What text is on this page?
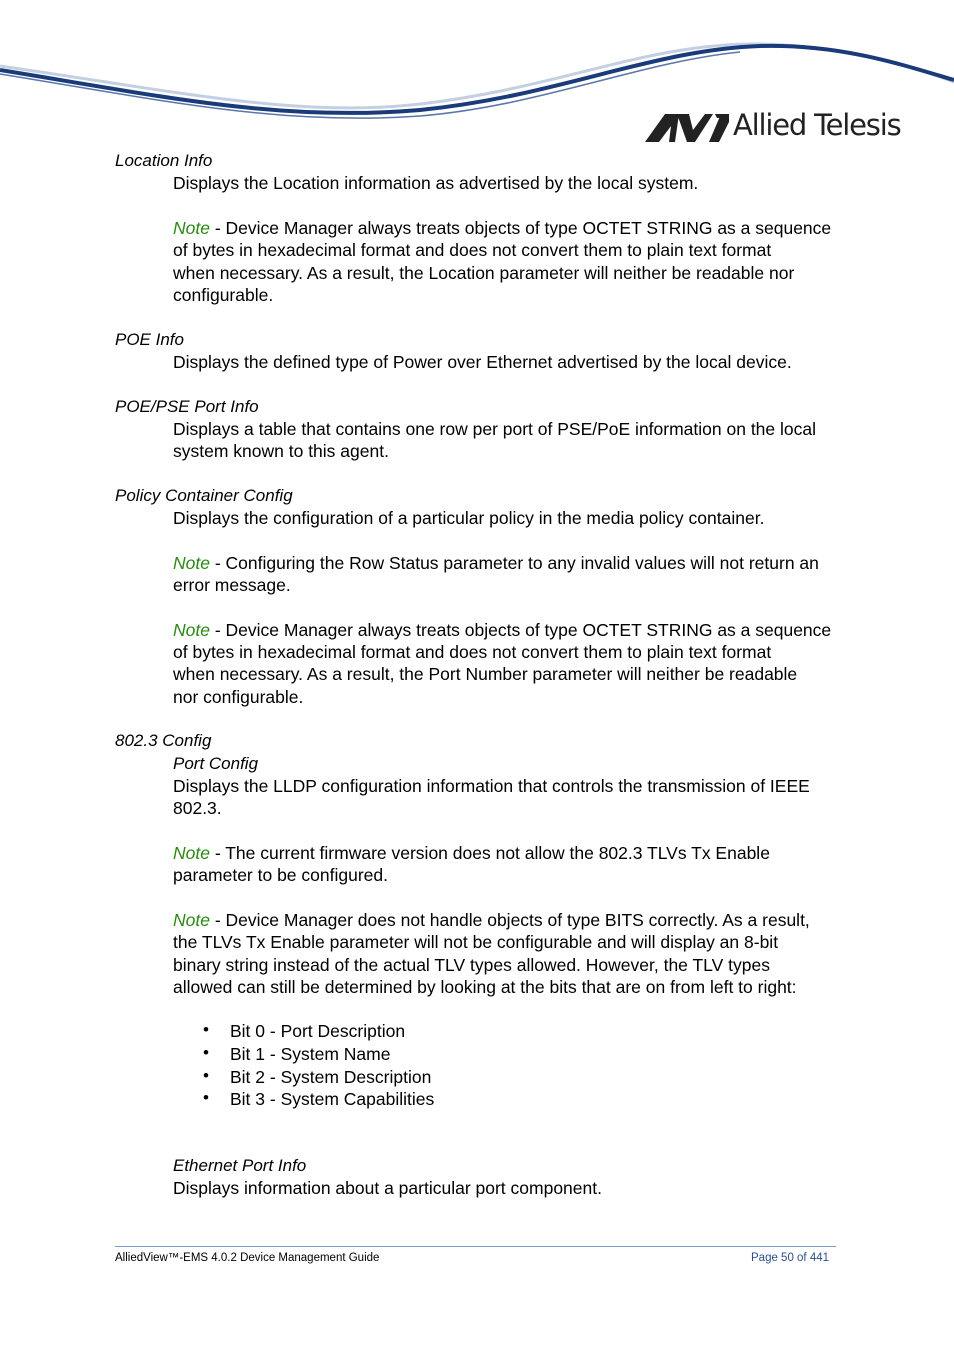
Allied Telesis
Location Info
Displays the Location information as advertised by the local system.
Note - Device Manager always treats objects of type OCTET STRING as a sequence
of bytes in hexadecimal format and does not convert them to plain text format
when necessary. As a result, the Location parameter will neither be readable nor
configurable.
POE Info
Displays the defined type of Power over Ethernet advertised by the local device.
POE/PSE Port Info
Displays a table that contains one row per port of PSE/PoE information on the local
system known to this agent.
Policy Container Config
Displays the configuration of a particular policy in the media policy container.
Note - Configuring the Row Status parameter to any invalid values will not return an
error message.
Note - Device Manager always treats objects of type OCTET STRING as a sequence
of bytes in hexadecimal format and does not convert them to plain text format
when necessary. As a result, the Port Number parameter will neither be readable
nor configurable.
802.3 Config
Port Config
Displays the LLDP configuration information that controls the transmission of IEEE
802.3.
Note - The current firmware version does not allow the 802.3 TLVs Tx Enable
parameter to be configured.
Note - Device Manager does not handle objects of type BITS correctly. As a result,
the TLVs Tx Enable parameter will not be configurable and will display an 8-bit
binary string instead of the actual TLV types allowed. However, the TLV types
allowed can still be determined by looking at the bits that are on from left to right:
• Bit 0 - Port Description
• Bit 1 - System Name
• Bit 2 - System Description
• Bit 3 - System Capabilities
Ethernet Port Info
Displays information about a particular port component.
AlliedView™-EMS 4.0.2 Device Management Guide	Page 50 of 441
